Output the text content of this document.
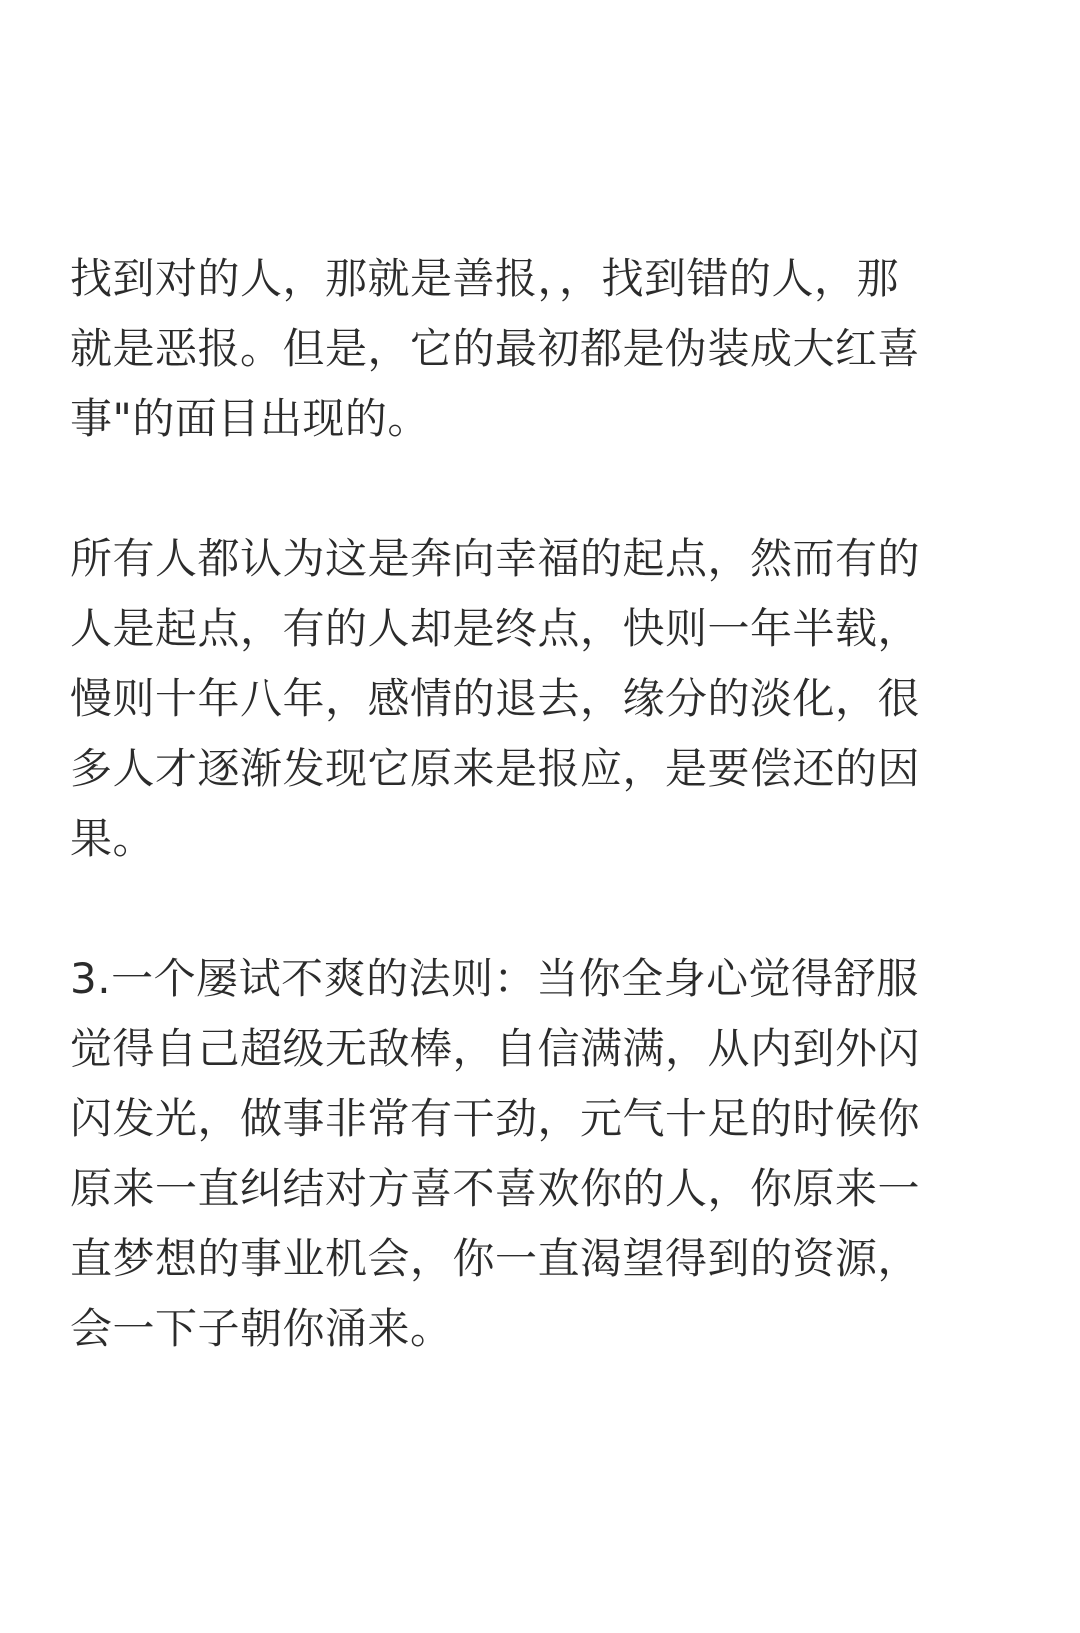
找到对的人，那就是善报，，找到错的人，那
就是恶报。但是，它的最初都是伪装成大红喜
事"的面目出现的。

所有人都认为这是奔向幸福的起点，然而有的
人是起点，有的人却是终点，快则一年半载，
慢则十年八年，感情的退去，缘分的淡化，很
多人才逐渐发现它原来是报应，是要偿还的因
果。

3.一个屡试不爽的法则：当你全身心觉得舒服
觉得自己超级无敌棒，自信满满，从内到外闪
闪发光，做事非常有干劲，元气十足的时候你
原来一直纠结对方喜不喜欢你的人，你原来一
直梦想的事业机会，你一直渴望得到的资源，
会一下子朝你涌来。
